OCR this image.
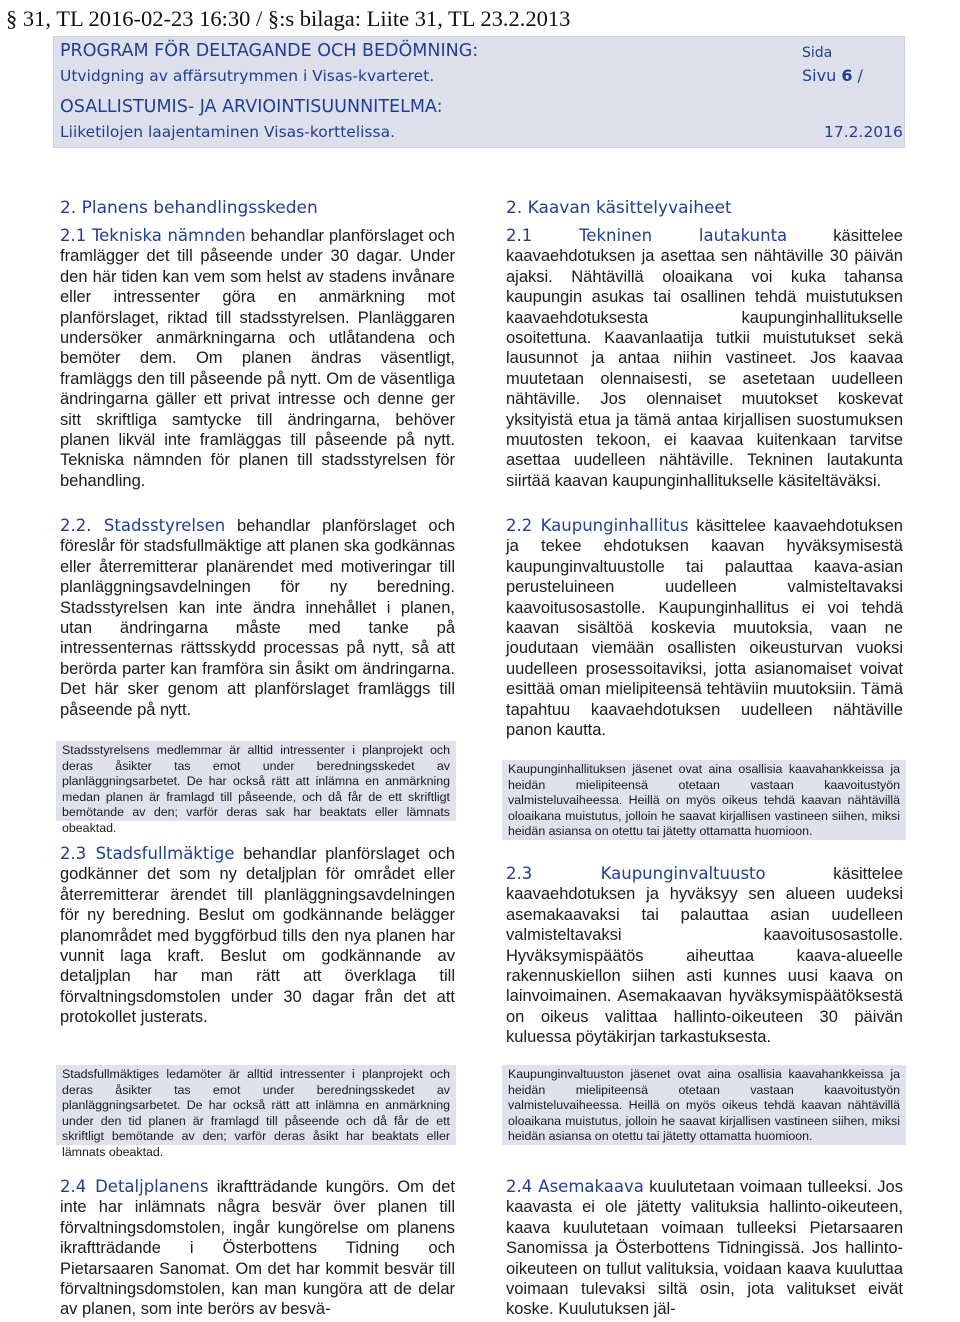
§ 31, TL 2016-02-23 16:30 / §:s bilaga: Liite 31, TL 23.2.2013
PROGRAM FÖR DELTAGANDE OCH BEDÖMNING:
Utvidgning av affärsutrymmen i Visas-kvarteret.
OSALLISTUMIS- JA ARVIOINTISUUNNITELMA:
Liiketilojen laajentaminen Visas-korttelissa.
Sida
Sivu 6 /
17.2.2016
2. Planens behandlingsskeden
2.1 Tekniska nämnden behandlar planförslaget och framlägger det till påseende under 30 dagar. Under den här tiden kan vem som helst av stadens invånare eller intressenter göra en anmärkning mot planförslaget, riktad till stadsstyrelsen. Planläggaren undersöker anmärkningarna och utlåtandena och bemöter dem. Om planen ändras väsentligt, framläggs den till påseende på nytt. Om de väsentliga ändringarna gäller ett privat intresse och denne ger sitt skriftliga samtycke till ändringarna, behöver planen likväl inte framläggas till påseende på nytt. Tekniska nämnden för planen till stadsstyrelsen för behandling.
2.2. Stadsstyrelsen behandlar planförslaget och föreslår för stadsfullmäktige att planen ska godkännas eller återremitterar planärendet med motiveringar till planläggningsavdelningen för ny beredning. Stadsstyrelsen kan inte ändra innehållet i planen, utan ändringarna måste med tanke på intressenternas rättsskydd processas på nytt, så att berörda parter kan framföra sin åsikt om ändringarna. Det här sker genom att planförslaget framläggs till påseende på nytt.
Stadsstyrelsens medlemmar är alltid intressenter i planprojekt och deras åsikter tas emot under beredningsskedet av planläggningsarbetet. De har också rätt att inlämna en anmärkning medan planen är framlagd till påseende, och då får de ett skriftligt bemötande av den; varför deras sak har beaktats eller lämnats obeaktad.
2.3 Stadsfullmäktige behandlar planförslaget och godkänner det som ny detaljplan för området eller återremitterar ärendet till planläggningsavdelningen för ny beredning. Beslut om godkännande belägger planområdet med byggförbud tills den nya planen har vunnit laga kraft. Beslut om godkännande av detaljplan har man rätt att överklaga till förvaltningsdomstolen under 30 dagar från det att protokollet justerats.
Stadsfullmäktiges ledamöter är alltid intressenter i planprojekt och deras åsikter tas emot under beredningsskedet av planläggningsarbetet. De har också rätt att inlämna en anmärkning under den tid planen är framlagd till påseende och då får de ett skriftligt bemötande av den; varför deras åsikt har beaktats eller lämnats obeaktad.
2.4 Detaljplanens ikraftträdande kungörs. Om det inte har inlämnats några besvär över planen till förvaltningsdomstolen, ingår kungörelse om planens ikraftträdande i Österbottens Tidning och Pietarsaaren Sanomat. Om det har kommit besvär till förvaltningsdomstolen, kan man kungöra att de delar av planen, som inte berörs av besvä-
2. Kaavan käsittelyvaiheet
2.1 Tekninen lautakunta käsittelee kaavaehdotuksen ja asettaa sen nähtäville 30 päivän ajaksi. Nähtävillä oloaikana voi kuka tahansa kaupungin asukas tai osallinen tehdä muistutuksen kaavaehdotuksesta kaupunginhallitukselle osoitettuna. Kaavanlaatija tutkii muistutukset sekä lausunnot ja antaa niihin vastineet. Jos kaavaa muutetaan olennaisesti, se asetetaan uudelleen nähtäville. Jos olennaiset muutokset koskevat yksityistä etua ja tämä antaa kirjallisen suostumuksen muutosten tekoon, ei kaavaa kuitenkaan tarvitse asettaa uudelleen nähtäville. Tekninen lautakunta siirtää kaavan kaupunginhallitukselle käsiteltäväksi.
2.2 Kaupunginhallitus käsittelee kaavaehdotuksen ja tekee ehdotuksen kaavan hyväksymisestä kaupunginvaltuustolle tai palauttaa kaava-asian perusteluineen uudelleen valmisteltavaksi kaavoitusosastolle. Kaupunginhallitus ei voi tehdä kaavan sisältöä koskevia muutoksia, vaan ne joudutaan viemään osallisten oikeusturvan vuoksi uudelleen prosessoitaviksi, jotta asianomaiset voivat esittää oman mielipiteensä tehtäviin muutoksiin. Tämä tapahtuu kaavaehdotuksen uudelleen nähtäville panon kautta.
Kaupunginhallituksen jäsenet ovat aina osallisia kaavahankkeissa ja heidän mielipiteensä otetaan vastaan kaavoitustyön valmisteluvaiheessa. Heillä on myös oikeus tehdä kaavan nähtävillä oloaikana muistutus, jolloin he saavat kirjallisen vastineen siihen, miksi heidän asiansa on otettu tai jätetty ottamatta huomioon.
2.3 Kaupunginvaltuusto käsittelee kaavaehdotuksen ja hyväksyy sen alueen uudeksi asemakaavaksi tai palauttaa asian uudelleen valmisteltavaksi kaavoitusosastolle. Hyväksymispäätös aiheuttaa kaava-alueelle rakennuskiellon siihen asti kunnes uusi kaava on lainvoimainen. Asemakaavan hyväksymispäätöksestä on oikeus valittaa hallinto-oikeuteen 30 päivän kuluessa pöytäkirjan tarkastuksesta.
Kaupunginvaltuuston jäsenet ovat aina osallisia kaavahankkeissa ja heidän mielipiteensä otetaan vastaan kaavoitustyön valmisteluvaiheessa. Heillä on myös oikeus tehdä kaavan nähtävillä oloaikana muistutus, jolloin he saavat kirjallisen vastineen siihen, miksi heidän asiansa on otettu tai jätetty ottamatta huomioon.
2.4 Asemakaava kuulutetaan voimaan tulleeksi. Jos kaavasta ei ole jätetty valituksia hallinto-oikeuteen, kaava kuulutetaan voimaan tulleeksi Pietarsaaren Sanomissa ja Österbottens Tidningissä. Jos hallinto-oikeuteen on tullut valituksia, voidaan kaava kuuluttaa voimaan tulevaksi siltä osin, jota valitukset eivät koske. Kuulutuksen jäl-
